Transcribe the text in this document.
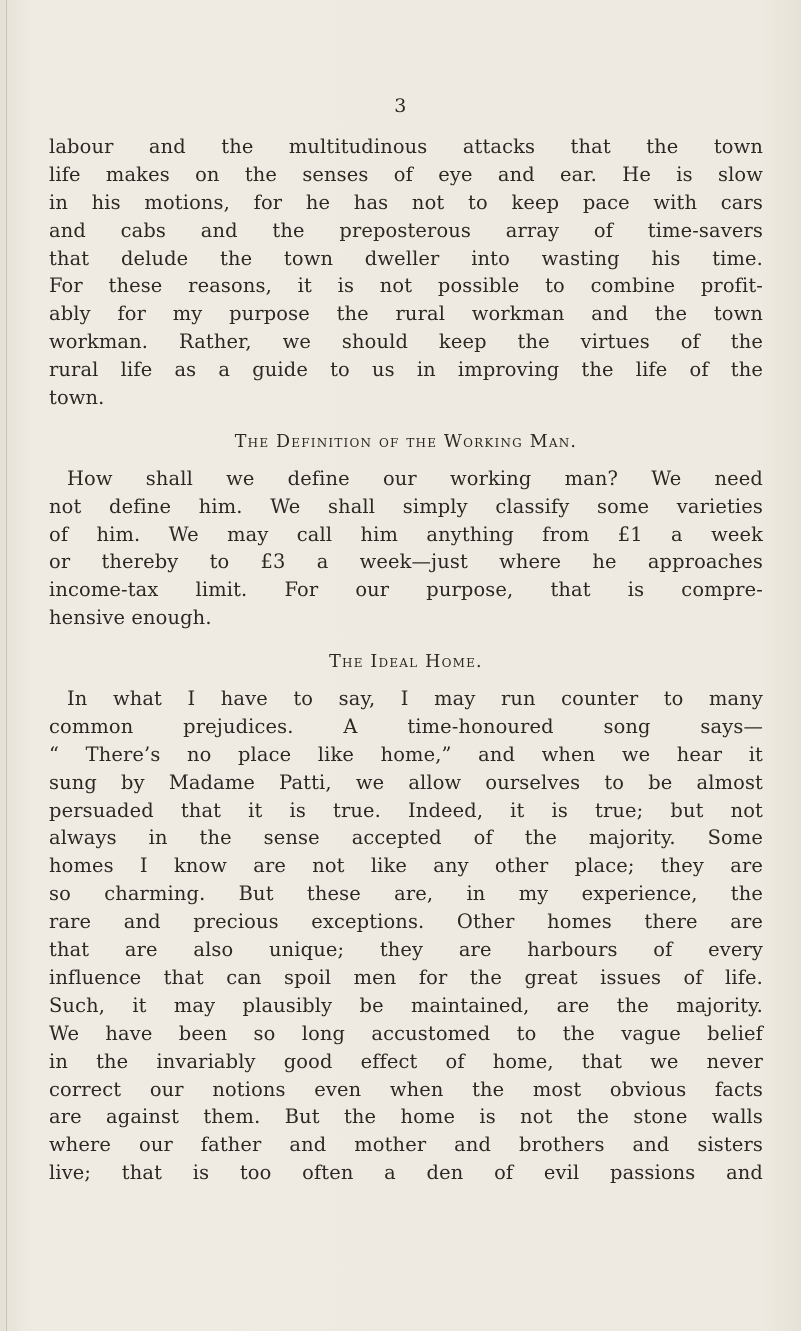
3
labour and the multitudinous attacks that the town
life makes on the senses of eye and ear. He is slow
in his motions, for he has not to keep pace with cars
and cabs and the preposterous array of time-savers
that delude the town dweller into wasting his time.
For these reasons, it is not possible to combine profit-
ably for my purpose the rural workman and the town
workman. Rather, we should keep the virtues of the
rural life as a guide to us in improving the life of the
town.
The Definition of the Working Man.
How shall we define our working man? We need
not define him. We shall simply classify some varieties
of him. We may call him anything from £1 a week
or thereby to £3 a week—just where he approaches
income-tax limit. For our purpose, that is compre-
hensive enough.
The Ideal Home.
In what I have to say, I may run counter to many
common prejudices. A time-honoured song says—
“ There’s no place like home,” and when we hear it
sung by Madame Patti, we allow ourselves to be almost
persuaded that it is true. Indeed, it is true; but not
always in the sense accepted of the majority. Some
homes I know are not like any other place; they are
so charming. But these are, in my experience, the
rare and precious exceptions. Other homes there are
that are also unique; they are harbours of every
influence that can spoil men for the great issues of life.
Such, it may plausibly be maintained, are the majority.
We have been so long accustomed to the vague belief
in the invariably good effect of home, that we never
correct our notions even when the most obvious facts
are against them. But the home is not the stone walls
where our father and mother and brothers and sisters
live; that is too often a den of evil passions and
